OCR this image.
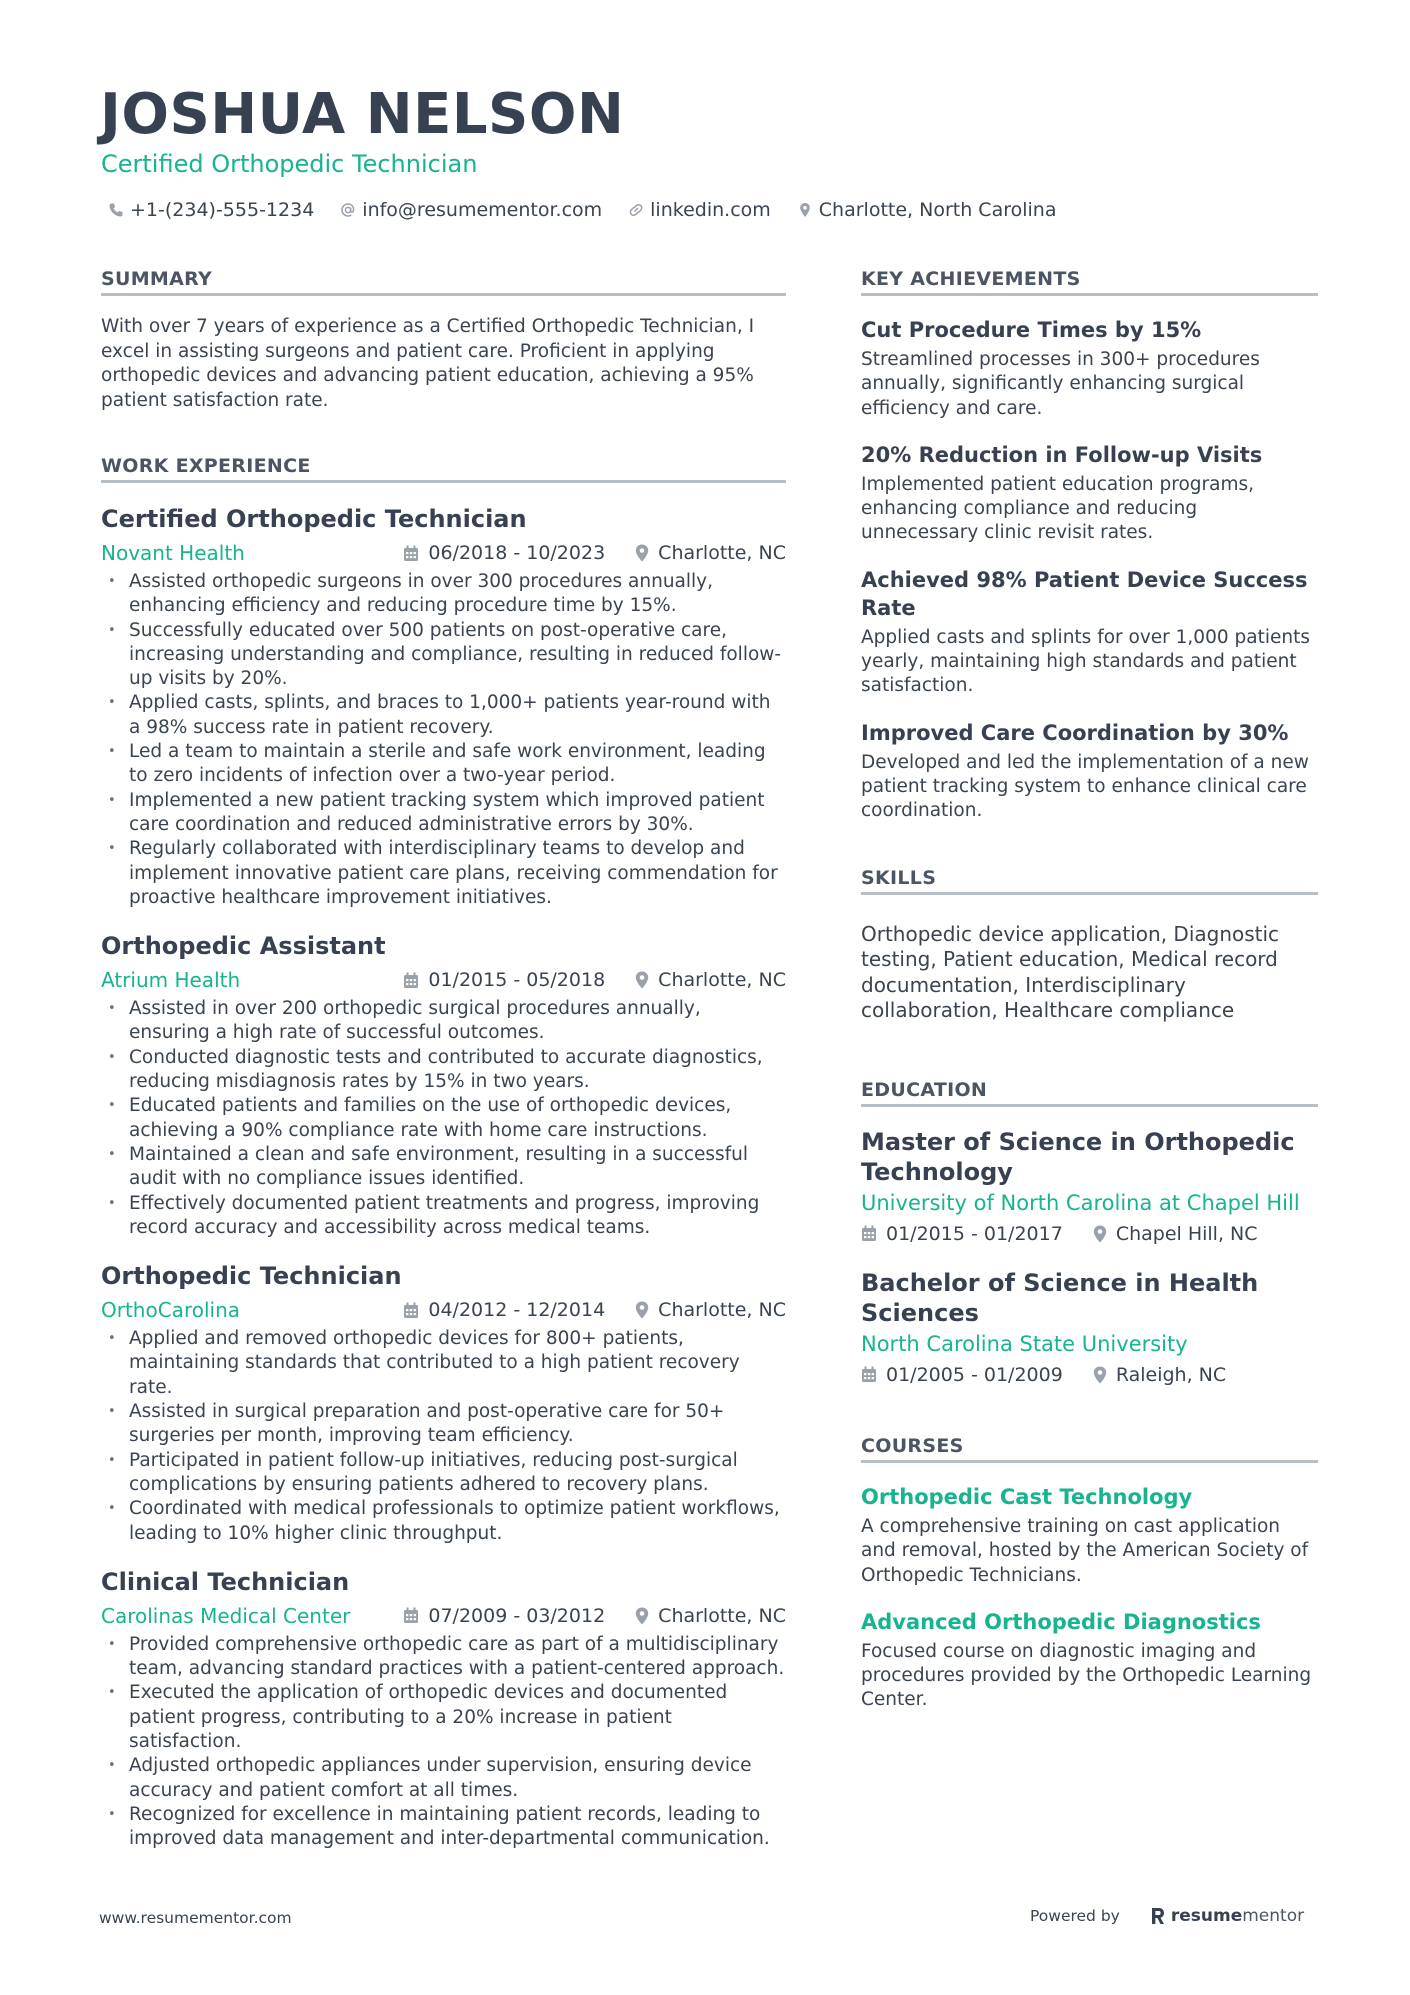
JOSHUA NELSON

Certified Orthopedic Technician

+1-(234)-555-1234	info@resumementor.com	linkedin.com	Charlotte, North Carolina
SUMMARY

With over 7 years of experience as a Certified Orthopedic Technician, I excel in assisting surgeons and patient care. Proficient in applying orthopedic devices and advancing patient education, achieving a 95% patient satisfaction rate.

WORK EXPERIENCE
Certified Orthopedic Technician
Novant Health	06/2018 - 10/2023	Charlotte, NC
• Assisted orthopedic surgeons in over 300 procedures annually, enhancing efficiency and reducing procedure time by 15%.
• Successfully educated over 500 patients on post-operative care, increasing understanding and compliance, resulting in reduced follow-up visits by 20%.
• Applied casts, splints, and braces to 1,000+ patients year-round with a 98% success rate in patient recovery.
• Led a team to maintain a sterile and safe work environment, leading to zero incidents of infection over a two-year period.
• Implemented a new patient tracking system which improved patient care coordination and reduced administrative errors by 30%.
• Regularly collaborated with interdisciplinary teams to develop and implement innovative patient care plans, receiving commendation for proactive healthcare improvement initiatives.
Orthopedic Assistant
Atrium Health	01/2015 - 05/2018	Charlotte, NC
• Assisted in over 200 orthopedic surgical procedures annually, ensuring a high rate of successful outcomes.
• Conducted diagnostic tests and contributed to accurate diagnostics, reducing misdiagnosis rates by 15% in two years.
• Educated patients and families on the use of orthopedic devices, achieving a 90% compliance rate with home care instructions.
• Maintained a clean and safe environment, resulting in a successful audit with no compliance issues identified.
• Effectively documented patient treatments and progress, improving record accuracy and accessibility across medical teams.
Orthopedic Technician
OrthoCarolina	04/2012 - 12/2014	Charlotte, NC
• Applied and removed orthopedic devices for 800+ patients, maintaining standards that contributed to a high patient recovery rate.
• Assisted in surgical preparation and post-operative care for 50+ surgeries per month, improving team efficiency.
• Participated in patient follow-up initiatives, reducing post-surgical complications by ensuring patients adhered to recovery plans.
• Coordinated with medical professionals to optimize patient workflows, leading to 10% higher clinic throughput.
Clinical Technician
Carolinas Medical Center	07/2009 - 03/2012	Charlotte, NC
• Provided comprehensive orthopedic care as part of a multidisciplinary team, advancing standard practices with a patient-centered approach.
• Executed the application of orthopedic devices and documented patient progress, contributing to a 20% increase in patient satisfaction.
• Adjusted orthopedic appliances under supervision, ensuring device accuracy and patient comfort at all times.
• Recognized for excellence in maintaining patient records, leading to improved data management and inter-departmental communication.
KEY ACHIEVEMENTS
Cut Procedure Times by 15%

Streamlined processes in 300+ procedures annually, significantly enhancing surgical efficiency and care.

20% Reduction in Follow-up Visits

Implemented patient education programs, enhancing compliance and reducing unnecessary clinic revisit rates.

Achieved 98% Patient Device Success Rate

Applied casts and splints for over 1,000 patients yearly, maintaining high standards and patient satisfaction.

Improved Care Coordination by 30%

Developed and led the implementation of a new patient tracking system to enhance clinical care coordination.

SKILLS

Orthopedic device application, Diagnostic testing, Patient education, Medical record documentation, Interdisciplinary collaboration, Healthcare compliance

EDUCATION
Master of Science in Orthopedic Technology

University of North Carolina at Chapel Hill

01/2015 - 01/2017	Chapel Hill, NC
Bachelor of Science in Health Sciences

North Carolina State University

01/2005 - 01/2009	Raleigh, NC
COURSES
Orthopedic Cast Technology

A comprehensive training on cast application and removal, hosted by the American Society of Orthopedic Technicians.

Advanced Orthopedic Diagnostics

Focused course on diagnostic imaging and procedures provided by the Orthopedic Learning Center.

www.resumementor.com	Powered by	resume mentor
